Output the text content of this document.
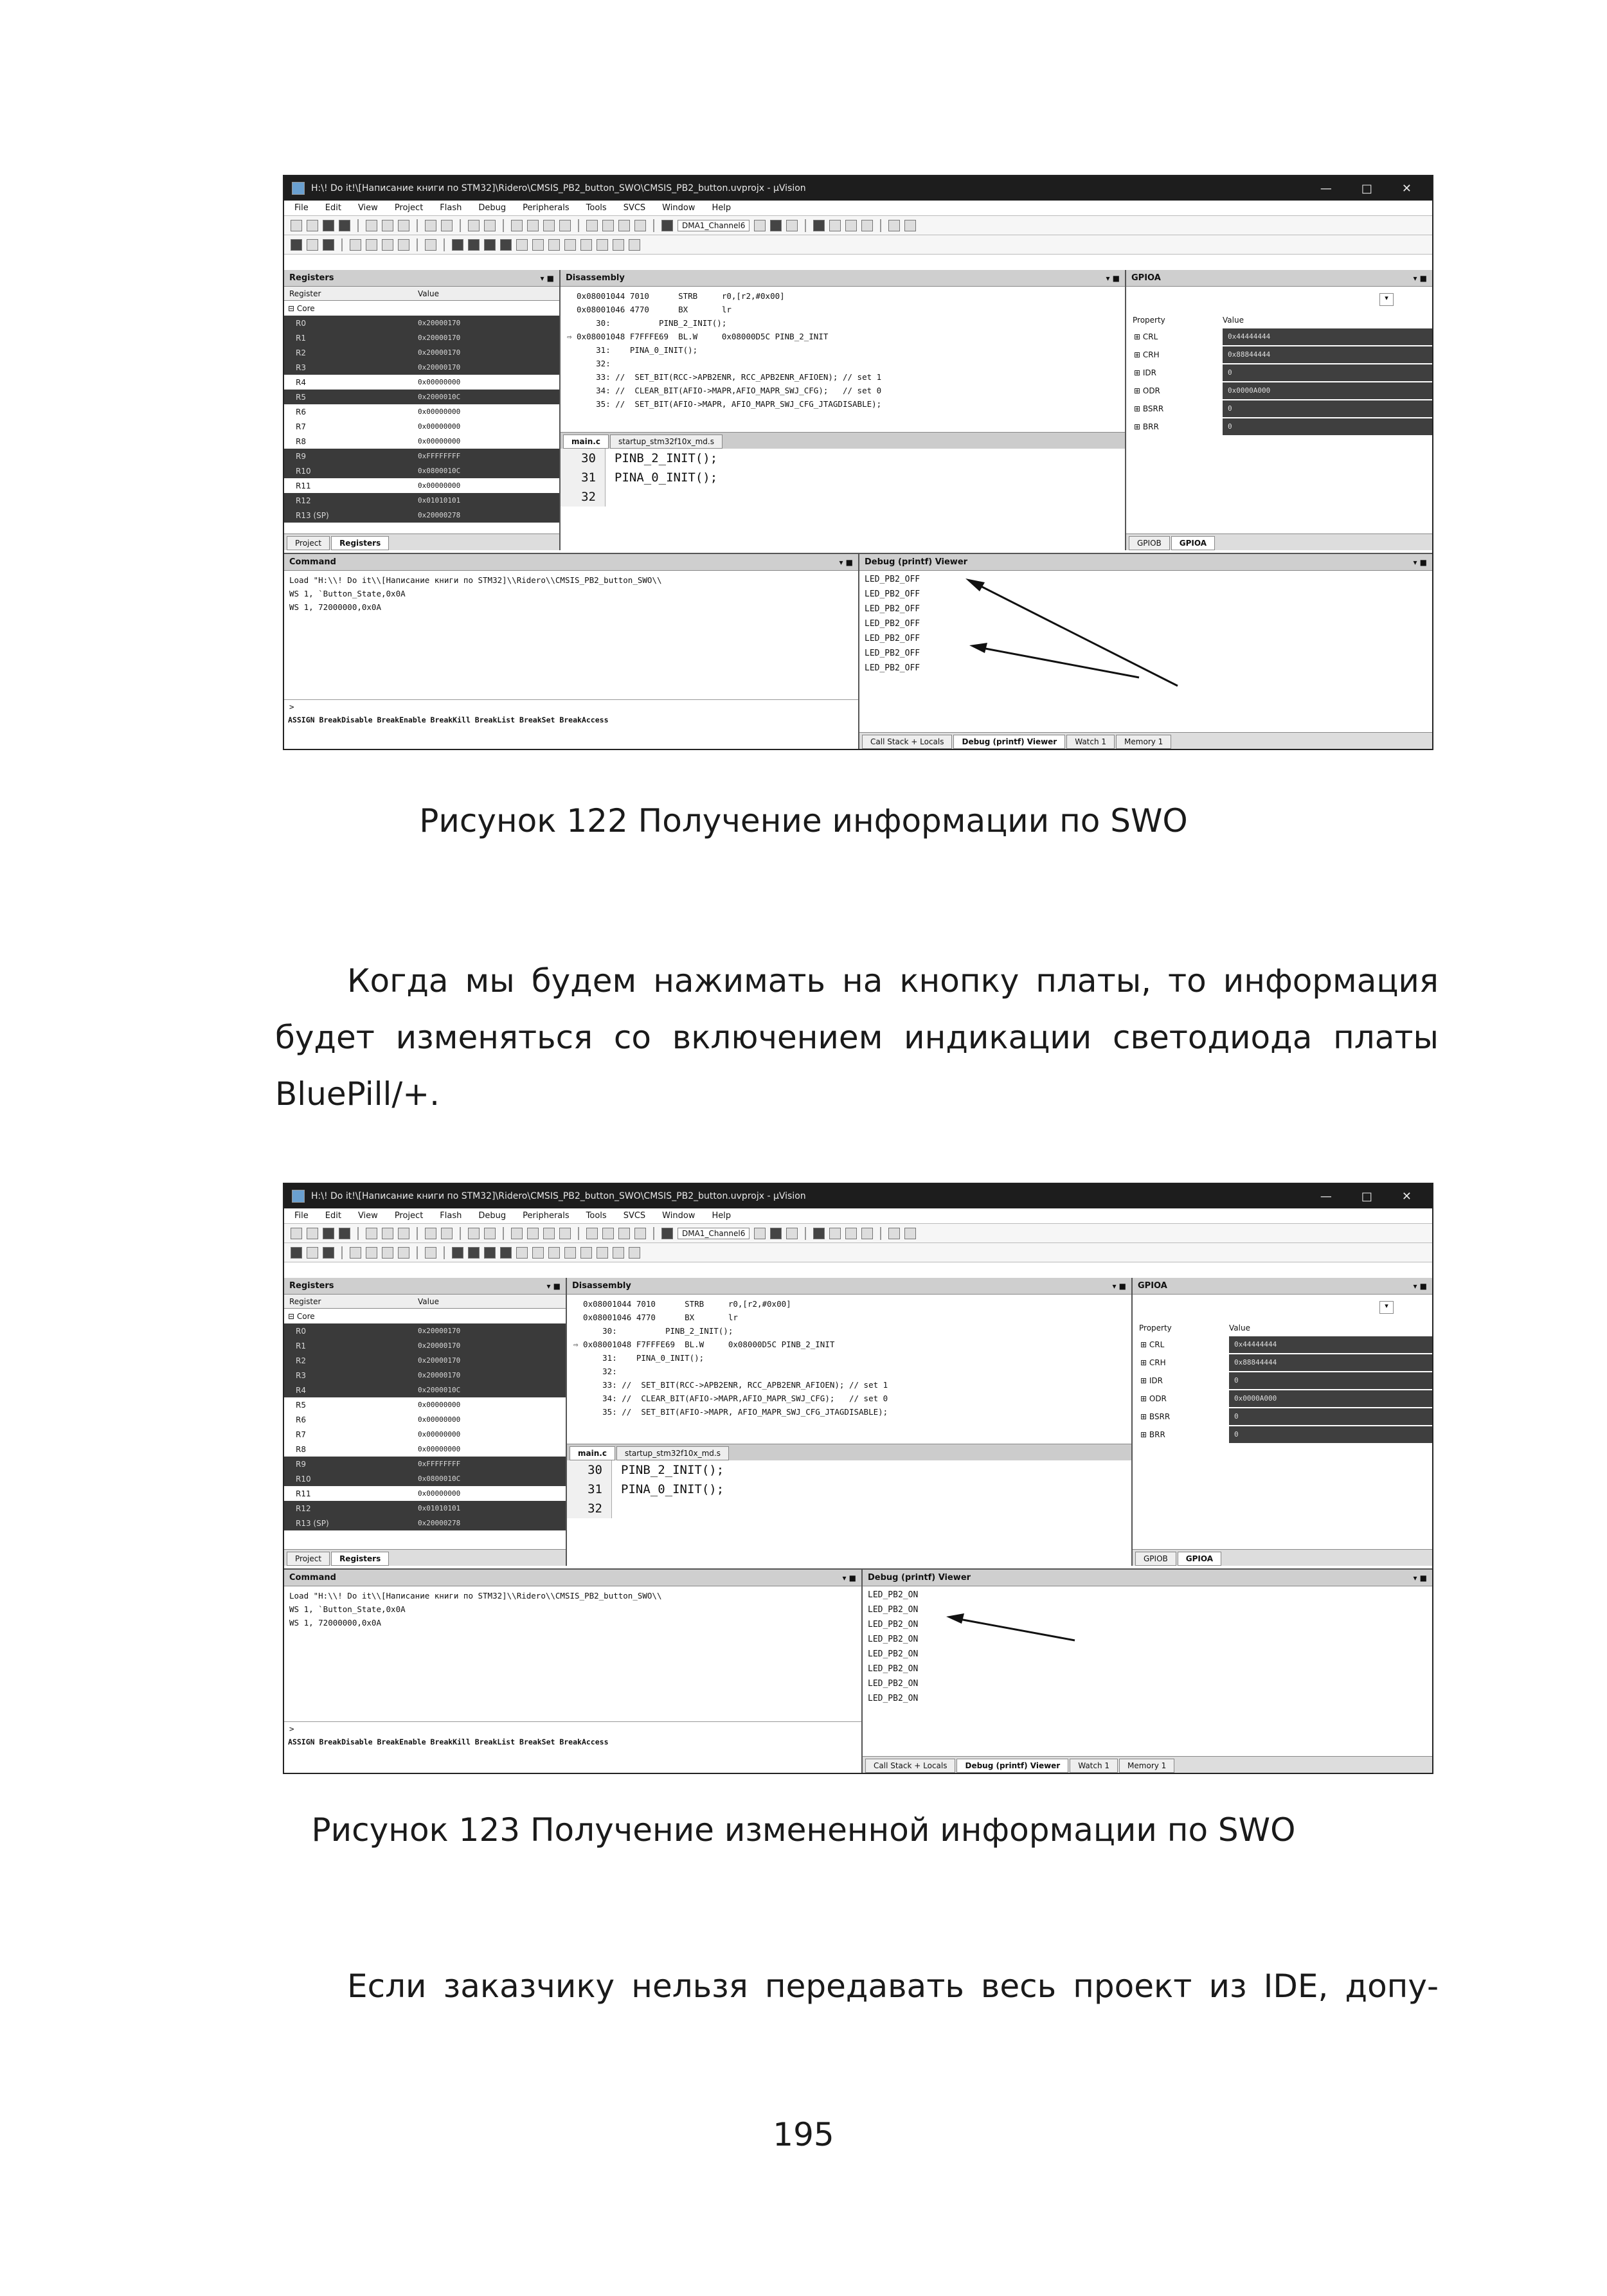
H:\! Do it!\[Написание книги по STM32]\Ridero\CMSIS_PB2_button_SWO\CMSIS_PB2_button.uvprojx - µVision	—	□	✕
File Edit View Project Flash Debug Peripherals Tools SVCS Window Help
DMA1_Channel6
Registers	▾ ■
Register	Value
⊟ Core
R0	0x20000170
R1	0x20000170
R2	0x20000170
R3	0x20000170
R4	0x00000000
R5	0x2000010C
R6	0x00000000
R7	0x00000000
R8	0x00000000
R9	0xFFFFFFFF
R10	0x0800010C
R11	0x00000000
R12	0x01010101
R13 (SP)	0x20000278
Project	Registers
Disassembly	▾ ■
0x08001044 7010      STRB     r0,[r2,#0x00]
0x08001046 4770      BX       lr
30:          PINB_2_INIT();
⇨ 0x08001048 F7FFFE69  BL.W     0x08000D5C PINB_2_INIT
31:    PINA_0_INIT();
32:
33: //  SET_BIT(RCC->APB2ENR, RCC_APB2ENR_AFIOEN); // set 1
34: //  CLEAR_BIT(AFIO->MAPR,AFIO_MAPR_SWJ_CFG);   // set 0
35: //  SET_BIT(AFIO->MAPR, AFIO_MAPR_SWJ_CFG_JTAGDISABLE);
main.c	startup_stm32f10x_md.s
30	PINB_2_INIT();
31	PINA_0_INIT();
32
GPIOA	▾ ■
▾
Property	Value
⊞ CRL	0x44444444
⊞ CRH	0x88844444
⊞ IDR	0
⊞ ODR	0x0000A000
⊞ BSRR	0
⊞ BRR	0
GPIOB	GPIOA
Command	▾ ■
Load "H:\\! Do it\\[Написание книги по STM32]\\Ridero\\CMSIS_PB2_button_SWO\\
WS 1, `Button_State,0x0A
WS 1, 72000000,0x0A
>
ASSIGN BreakDisable BreakEnable BreakKill BreakList BreakSet BreakAccess
Debug (printf) Viewer	▾ ■
LED_PB2_OFF
LED_PB2_OFF
LED_PB2_OFF
LED_PB2_OFF
LED_PB2_OFF
LED_PB2_OFF
LED_PB2_OFF
Call Stack + Locals	Debug (printf) Viewer	Watch 1	Memory 1
Рисунок 122 Получение информации по SWO
Когда мы будем нажимать на кнопку платы, то информация
будет изменяться со включением индикации светодиода платы
BluePill/+.
H:\! Do it!\[Написание книги по STM32]\Ridero\CMSIS_PB2_button_SWO\CMSIS_PB2_button.uvprojx - µVision	—	□	✕
File Edit View Project Flash Debug Peripherals Tools SVCS Window Help
DMA1_Channel6
Registers	▾ ■
Register	Value
⊟ Core
R0	0x20000170
R1	0x20000170
R2	0x20000170
R3	0x20000170
R4	0x2000010C
R5	0x00000000
R6	0x00000000
R7	0x00000000
R8	0x00000000
R9	0xFFFFFFFF
R10	0x0800010C
R11	0x00000000
R12	0x01010101
R13 (SP)	0x20000278
Project	Registers
Disassembly	▾ ■
0x08001044 7010      STRB     r0,[r2,#0x00]
0x08001046 4770      BX       lr
30:          PINB_2_INIT();
⇨ 0x08001048 F7FFFE69  BL.W     0x08000D5C PINB_2_INIT
31:    PINA_0_INIT();
32:
33: //  SET_BIT(RCC->APB2ENR, RCC_APB2ENR_AFIOEN); // set 1
34: //  CLEAR_BIT(AFIO->MAPR,AFIO_MAPR_SWJ_CFG);   // set 0
35: //  SET_BIT(AFIO->MAPR, AFIO_MAPR_SWJ_CFG_JTAGDISABLE);
main.c	startup_stm32f10x_md.s
30	PINB_2_INIT();
31	PINA_0_INIT();
32
GPIOA	▾ ■
▾
Property	Value
⊞ CRL	0x44444444
⊞ CRH	0x88844444
⊞ IDR	0
⊞ ODR	0x0000A000
⊞ BSRR	0
⊞ BRR	0
GPIOB	GPIOA
Command	▾ ■
Load "H:\\! Do it\\[Написание книги по STM32]\\Ridero\\CMSIS_PB2_button_SWO\\
WS 1, `Button_State,0x0A
WS 1, 72000000,0x0A
>
ASSIGN BreakDisable BreakEnable BreakKill BreakList BreakSet BreakAccess
Debug (printf) Viewer	▾ ■
LED_PB2_ON
LED_PB2_ON
LED_PB2_ON
LED_PB2_ON
LED_PB2_ON
LED_PB2_ON
LED_PB2_ON
LED_PB2_ON
Call Stack + Locals	Debug (printf) Viewer	Watch 1	Memory 1
Рисунок 123 Получение измененной информации по SWO
Если заказчику нельзя передавать весь проект из IDE, допу-
195
